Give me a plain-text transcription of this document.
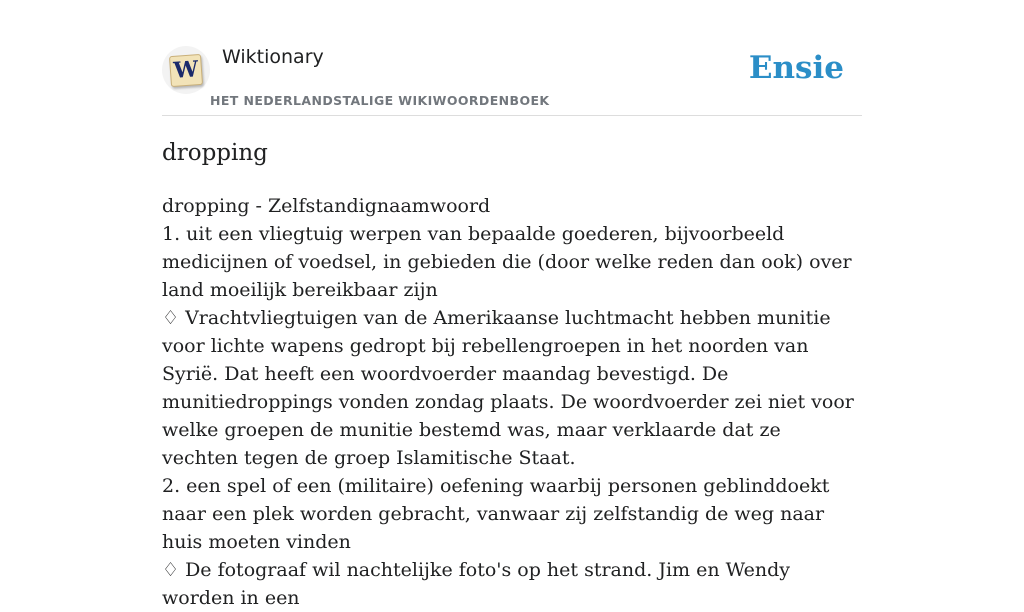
W Wiktionary
HET NEDERLANDSTALIGE WIKIWOORDENBOEK
Ensie
dropping

dropping - Zelfstandignaamwoord

1. uit een vliegtuig werpen van bepaalde goederen, bijvoorbeeld medicijnen of voedsel, in gebieden die (door welke reden dan ook) over land moeilijk bereikbaar zijn

♢ Vrachtvliegtuigen van de Amerikaanse luchtmacht hebben munitie voor lichte wapens gedropt bij rebellengroepen in het noorden van Syrië. Dat heeft een woordvoerder maandag bevestigd. De munitiedroppings vonden zondag plaats. De woordvoerder zei niet voor welke groepen de munitie bestemd was, maar verklaarde dat ze vechten tegen de groep Islamitische Staat.

2. een spel of een (militaire) oefening waarbij personen geblinddoekt naar een plek worden gebracht, vanwaar zij zelfstandig de weg naar huis moeten vinden

♢ De fotograaf wil nachtelijke foto's op het strand. Jim en Wendy worden in een
